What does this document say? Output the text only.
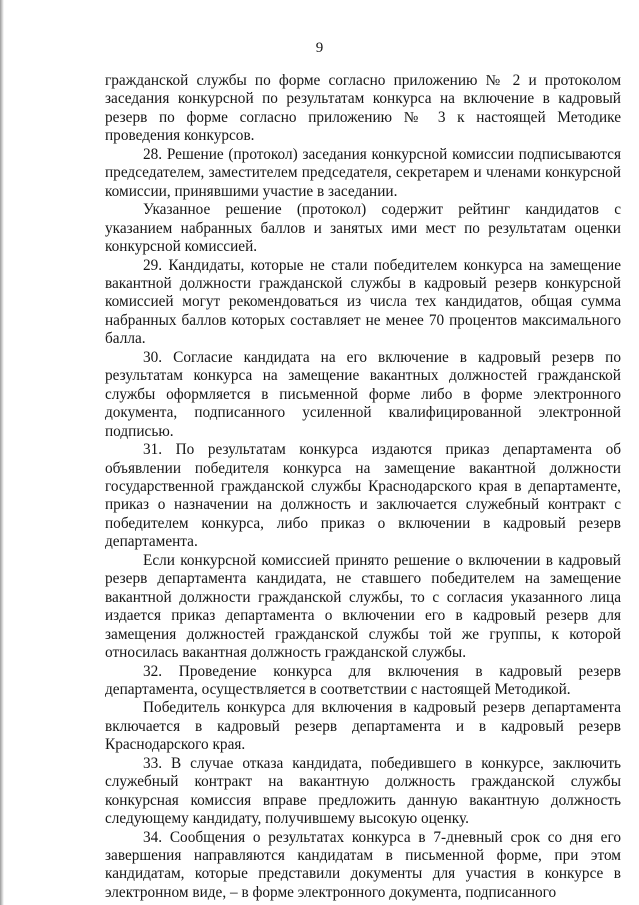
9

гражданской службы по форме согласно приложению № 2 и протоколом заседания конкурсной по результатам конкурса на включение в кадровый резерв по форме согласно приложению № 3 к настоящей Методике проведения конкурсов.

28. Решение (протокол) заседания конкурсной комиссии подписываются председателем, заместителем председателя, секретарем и членами конкурсной комиссии, принявшими участие в заседании.

Указанное решение (протокол) содержит рейтинг кандидатов с указанием набранных баллов и занятых ими мест по результатам оценки конкурсной комиссией.

29. Кандидаты, которые не стали победителем конкурса на замещение вакантной должности гражданской службы в кадровый резерв конкурсной комиссией могут рекомендоваться из числа тех кандидатов, общая сумма набранных баллов которых составляет не менее 70 процентов максимального балла.

30. Согласие кандидата на его включение в кадровый резерв по результатам конкурса на замещение вакантных должностей гражданской службы оформляется в письменной форме либо в форме электронного документа, подписанного усиленной квалифицированной электронной подписью.

31. По результатам конкурса издаются приказ департамента об объявлении победителя конкурса на замещение вакантной должности государственной гражданской службы Краснодарского края в департаменте, приказ о назначении на должность и заключается служебный контракт с победителем конкурса, либо приказ о включении в кадровый резерв департамента.

Если конкурсной комиссией принято решение о включении в кадровый резерв департамента кандидата, не ставшего победителем на замещение вакантной должности гражданской службы, то с согласия указанного лица издается приказ департамента о включении его в кадровый резерв для замещения должностей гражданской службы той же группы, к которой относилась вакантная должность гражданской службы.

32. Проведение конкурса для включения в кадровый резерв департамента, осуществляется в соответствии с настоящей Методикой.

Победитель конкурса для включения в кадровый резерв департамента включается в кадровый резерв департамента и в кадровый резерв Краснодарского края.

33. В случае отказа кандидата, победившего в конкурсе, заключить служебный контракт на вакантную должность гражданской службы конкурсная комиссия вправе предложить данную вакантную должность следующему кандидату, получившему высокую оценку.

34. Сообщения о результатах конкурса в 7-дневный срок со дня его завершения направляются кандидатам в письменной форме, при этом кандидатам, которые представили документы для участия в конкурсе в электронном виде, – в форме электронного документа, подписанного
